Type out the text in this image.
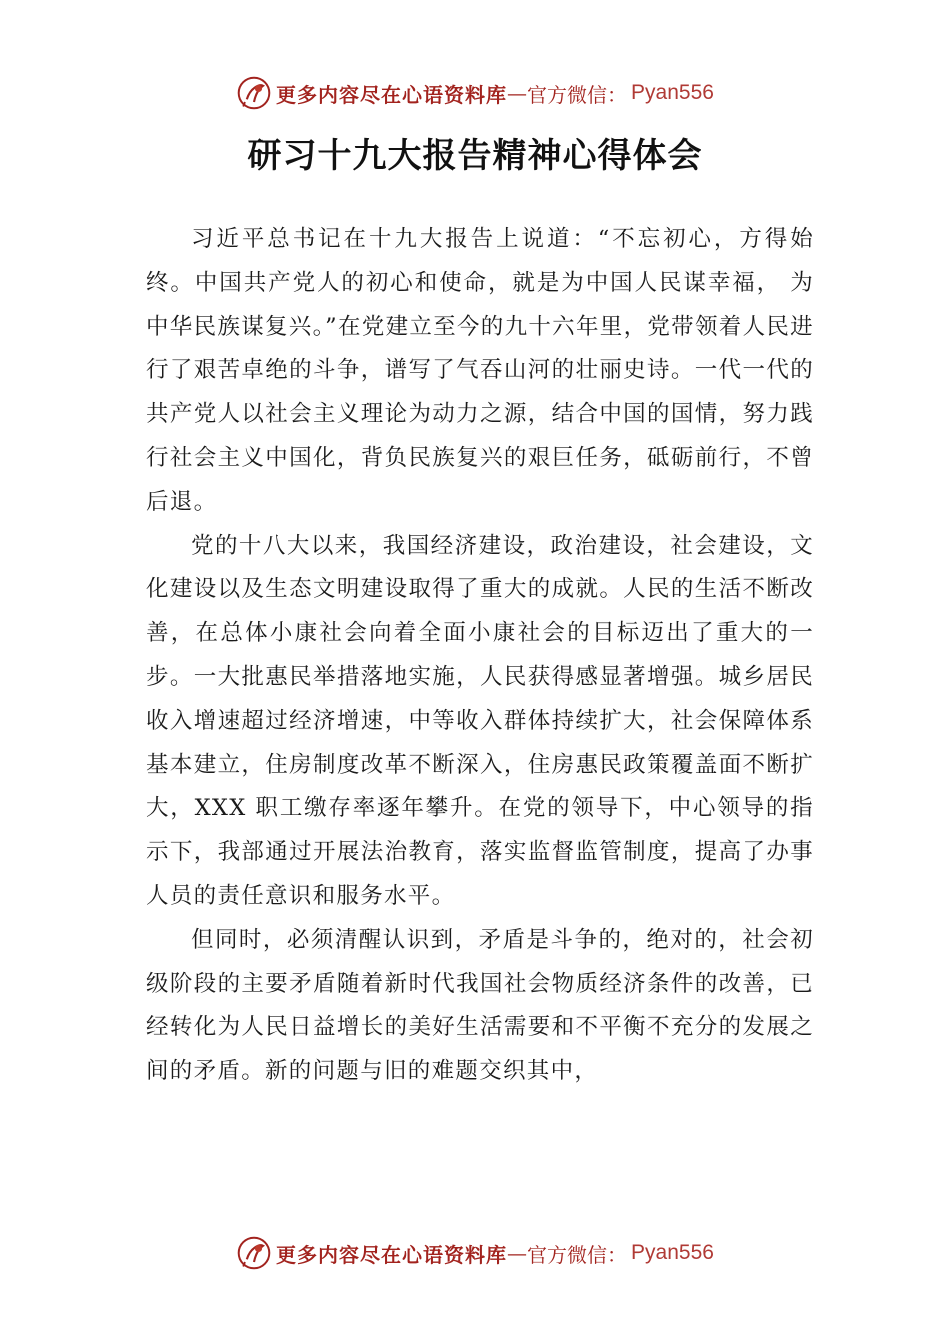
更多内容尽在心语资料库 — 官方微信： Pyan556
研习十九大报告精神心得体会

习近平总书记在十九大报告上说道：“不忘初心，方得始终。中国共产党人的初心和使命，就是为中国人民谋幸福， 为中华民族谋复兴。”在党建立至今的九十六年里，党带领着人民进行了艰苦卓绝的斗争，谱写了气吞山河的壮丽史诗。一代一代的共产党人以社会主义理论为动力之源，结合中国的国情，努力践行社会主义中国化，背负民族复兴的艰巨任务，砥砺前行，不曾后退。

党的十八大以来，我国经济建设，政治建设，社会建设，文化建设以及生态文明建设取得了重大的成就。人民的生活不断改善，在总体小康社会向着全面小康社会的目标迈出了重大的一步。一大批惠民举措落地实施，人民获得感显著增强。城乡居民收入增速超过经济增速，中等收入群体持续扩大，社会保障体系基本建立，住房制度改革不断深入，住房惠民政策覆盖面不断扩大，XXX 职工缴存率逐年攀升。在党的领导下，中心领导的指示下，我部通过开展法治教育，落实监督监管制度，提高了办事人员的责任意识和服务水平。

但同时，必须清醒认识到，矛盾是斗争的，绝对的，社会初级阶段的主要矛盾随着新时代我国社会物质经济条件的改善，已经转化为人民日益增长的美好生活需要和不平衡不充分的发展之间的矛盾。新的问题与旧的难题交织其中，

更多内容尽在心语资料库 — 官方微信： Pyan556
